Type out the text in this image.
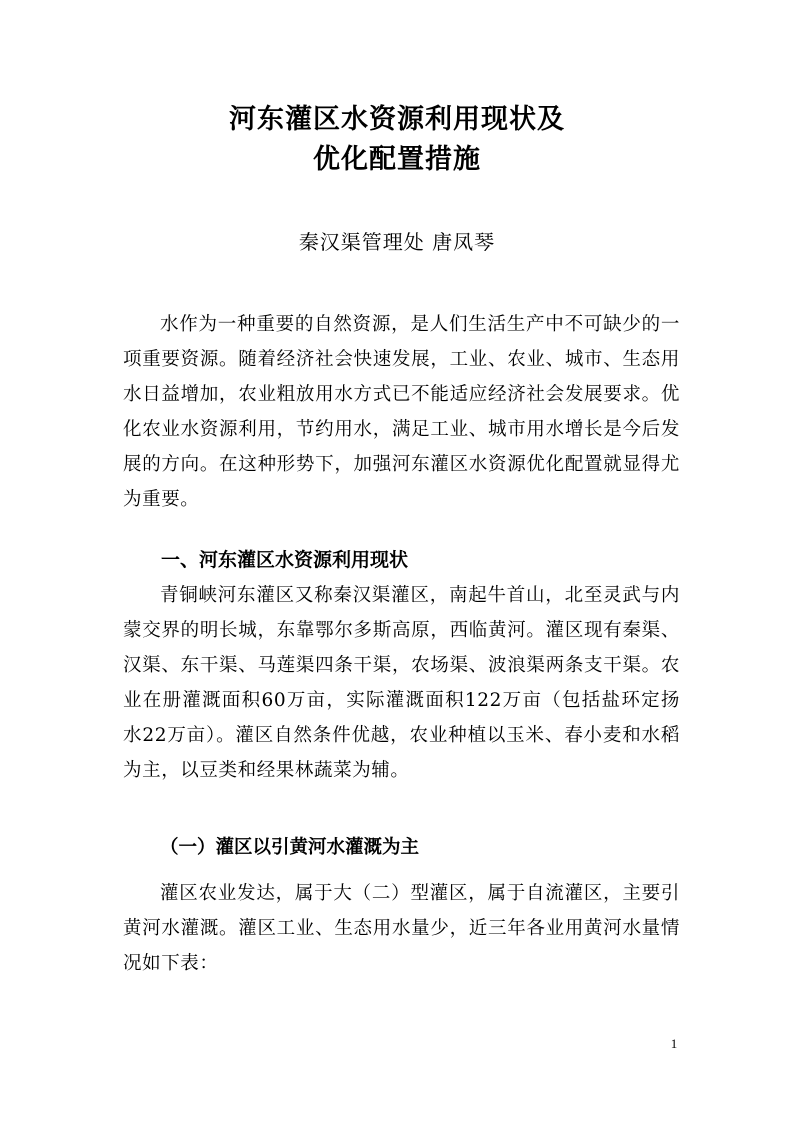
河东灌区水资源利用现状及
优化配置措施
秦汉渠管理处 唐凤琴

水作为一种重要的自然资源，是人们生活生产中不可缺少的一项重要资源。随着经济社会快速发展，工业、农业、城市、生态用水日益增加，农业粗放用水方式已不能适应经济社会发展要求。优化农业水资源利用，节约用水，满足工业、城市用水增长是今后发展的方向。在这种形势下，加强河东灌区水资源优化配置就显得尤为重要。

一、河东灌区水资源利用现状

青铜峡河东灌区又称秦汉渠灌区，南起牛首山，北至灵武与内蒙交界的明长城，东靠鄂尔多斯高原，西临黄河。灌区现有秦渠、汉渠、东干渠、马莲渠四条干渠，农场渠、波浪渠两条支干渠。农业在册灌溉面积60万亩，实际灌溉面积122万亩（包括盐环定扬水22万亩）。灌区自然条件优越，农业种植以玉米、春小麦和水稻为主，以豆类和经果林蔬菜为辅。

（一）灌区以引黄河水灌溉为主

灌区农业发达，属于大（二）型灌区，属于自流灌区，主要引黄河水灌溉。灌区工业、生态用水量少，近三年各业用黄河水量情况如下表：

1
